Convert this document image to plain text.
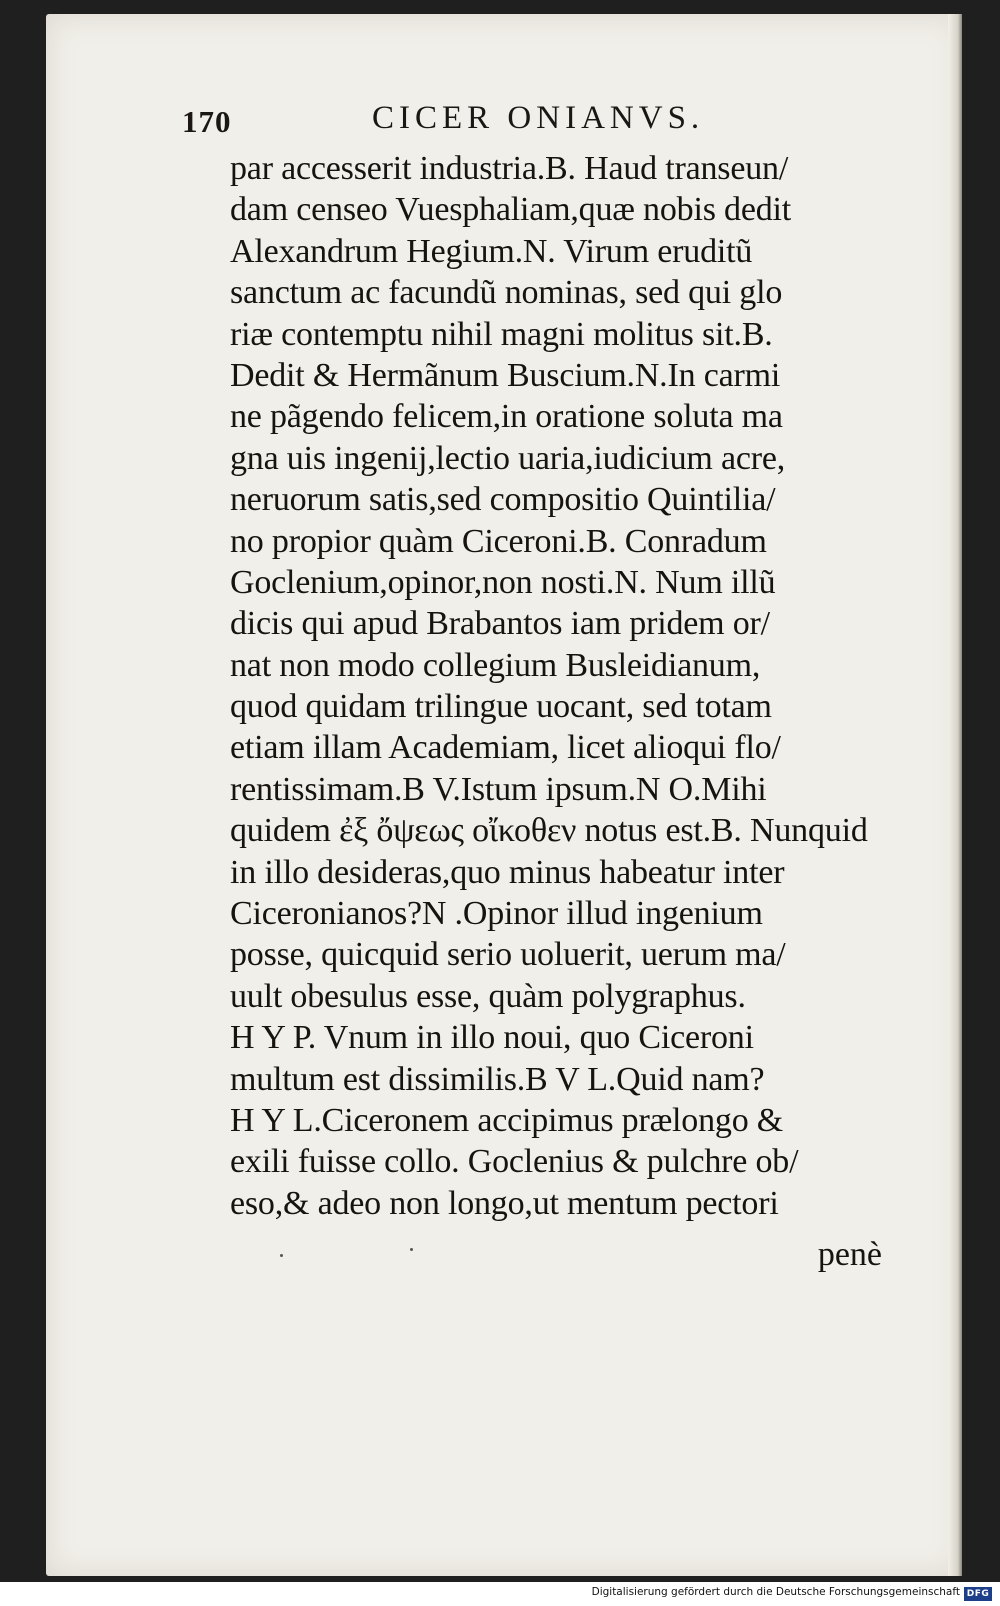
170	CICER ONIANVS.
par accesserit industria.B. Haud transeun/
dam censeo Vuesphaliam,quæ nobis dedit
Alexandrum Hegium.N. Virum eruditũ
sanctum ac facundũ nominas, sed qui glo
riæ contemptu nihil magni molitus sit.B.
Dedit & Hermãnum Buscium.N.In carmi
ne pãgendo felicem,in oratione soluta ma
gna uis ingenij,lectio uaria,iudicium acre,
neruorum satis,sed compositio Quintilia/
no propior quàm Ciceroni.B. Conradum
Goclenium,opinor,non nosti.N. Num illũ
dicis qui apud Brabantos iam pridem or/
nat non modo collegium Busleidianum,
quod quidam trilingue uocant, sed totam
etiam illam Academiam, licet alioqui flo/
rentissimam.B V.Istum ipsum.N O.Mihi
quidem ἐξ ὄψεως οἴκοθεν notus est.B. Nunquid
in illo desideras,quo minus habeatur inter
Ciceronianos?N .Opinor illud ingenium
posse, quicquid serio uoluerit, uerum ma/
uult obesulus esse, quàm polygraphus.
H Y P. Vnum in illo noui, quo Ciceroni
multum est dissimilis.B V L.Quid nam?
H Y L.Ciceronem accipimus prælongo &
exili fuisse collo. Goclenius & pulchre ob/
eso,& adeo non longo,ut mentum pectori
penè
Digitalisierung gefördert durch die Deutsche Forschungsgemeinschaft DFG
